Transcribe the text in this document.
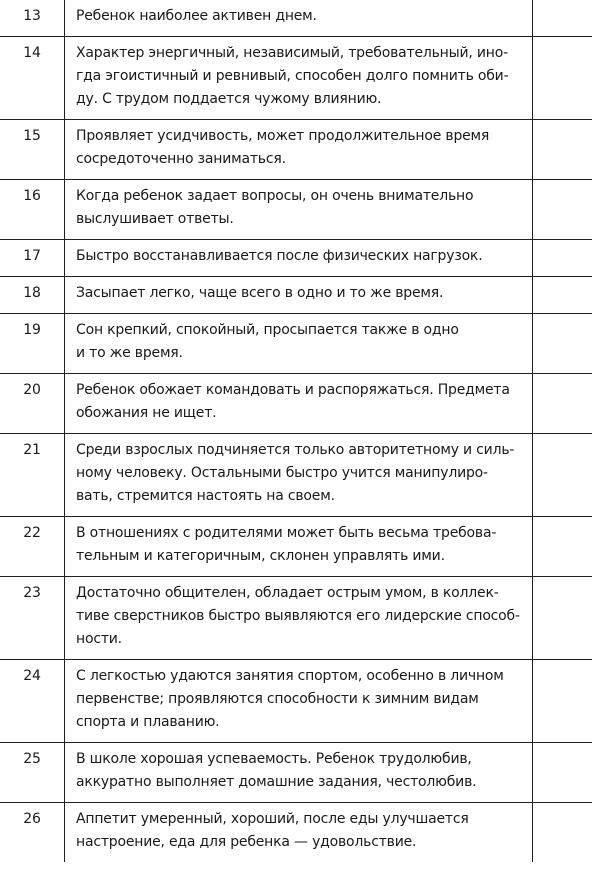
13	Ребенок наиболее активен днем.	

14	Характер энергичный, независимый, требовательный, ино-
гда эгоистичный и ревнивый, способен долго помнить оби-
ду. С трудом поддается чужому влиянию.	

15	Проявляет усидчивость, может продолжительное время
сосредоточенно заниматься.	

16	Когда ребенок задает вопросы, он очень внимательно
выслушивает ответы.	

17	Быстро восстанавливается после физических нагрузок.	

18	Засыпает легко, чаще всего в одно и то же время.	

19	Сон крепкий, спокойный, просыпается также в одно
и то же время.	

20	Ребенок обожает командовать и распоряжаться. Предмета
обожания не ищет.	

21	Среди взрослых подчиняется только авторитетному и силь-
ному человеку. Остальными быстро учится манипулиро-
вать, стремится настоять на своем.	

22	В отношениях с родителями может быть весьма требова-
тельным и категоричным, склонен управлять ими.	

23	Достаточно общителен, обладает острым умом, в коллек-
тиве сверстников быстро выявляются его лидерские способ-
ности.	

24	С легкостью удаются занятия спортом, особенно в личном
первенстве; проявляются способности к зимним видам
спорта и плаванию.	

25	В школе хорошая успеваемость. Ребенок трудолюбив,
аккуратно выполняет домашние задания, честолюбив.	

26	Аппетит умеренный, хороший, после еды улучшается
настроение, еда для ребенка — удовольствие.	
